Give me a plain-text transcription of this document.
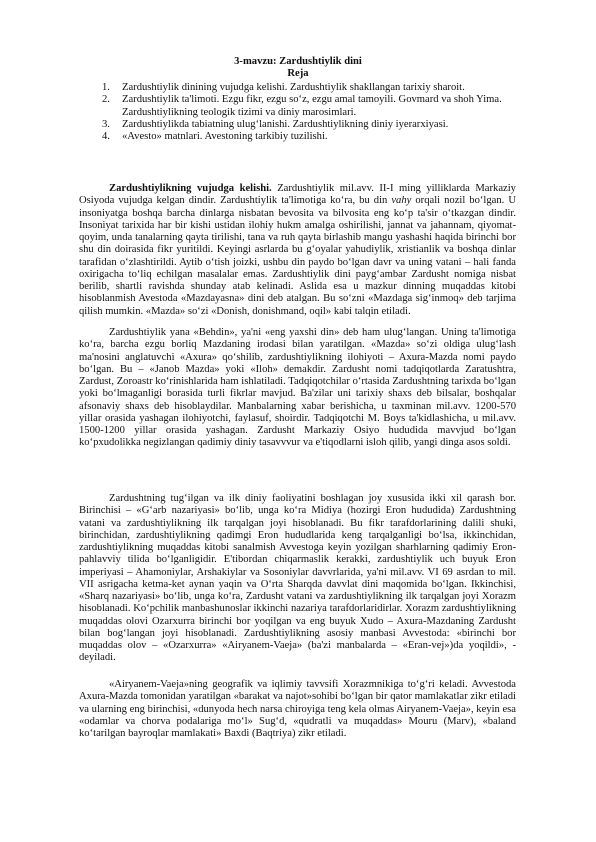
3-mavzu: Zardushtiylik dini
Reja
1. Zardushtiylik dinining vujudga kelishi. Zardushtiylik shakllangan tarixiy sharoit.
2. Zardushtiylik ta'limoti. Ezgu fikr, ezgu so‘z, ezgu amal tamoyili. Govmard va shoh Yima. Zardushtiylikning teologik tizimi va diniy marosimlari.
3. Zardushtiylikda tabiatning ulug‘lanishi. Zardushtiylikning diniy iyerarxiyasi.
4. «Avesto» matnlari. Avestoning tarkibiy tuzilishi.

Zardushtiylikning vujudga kelishi. Zardushtiylik mil.avv. II-I ming yilliklarda Markaziy Osiyoda vujudga kelgan dindir. Zardushtiylik ta'limotiga ko‘ra, bu din vahy orqali nozil bo‘lgan. U insoniyatga boshqa barcha dinlarga nisbatan bevosita va bilvosita eng ko‘p ta'sir o‘tkazgan dindir. Insoniyat tarixida har bir kishi ustidan ilohiy hukm amalga oshirilishi, jannat va jahannam, qiyomat-qoyim, unda tanalarning qayta tirilishi, tana va ruh qayta birlashib mangu yashashi haqida birinchi bor shu din doirasida fikr yuritildi. Keyingi asrlarda bu g‘oyalar yahudiylik, xristianlik va boshqa dinlar tarafidan o‘zlashtirildi. Aytib o‘tish joizki, ushbu din paydo bo‘lgan davr va uning vatani – hali fanda oxirigacha to‘liq echilgan masalalar emas. Zardushtiylik dini payg‘ambar Zardusht nomiga nisbat berilib, shartli ravishda shunday atab kelinadi. Aslida esa u mazkur dinning muqaddas kitobi hisoblanmish Avestoda «Mazdayasna» dini deb atalgan. Bu so‘zni «Mazdaga sig‘inmoq» deb tarjima qilish mumkin. «Mazda» so‘zi «Donish, donishmand, oqil» kabi talqin etiladi.

Zardushtiylik yana «Behdin», ya'ni «eng yaxshi din» deb ham ulug‘langan. Uning ta'limotiga ko‘ra, barcha ezgu borliq Mazdaning irodasi bilan yaratilgan. «Mazda» so‘zi oldiga ulug‘lash ma'nosini anglatuvchi «Axura» qo‘shilib, zardushtiylikning ilohiyoti – Axura-Mazda nomi paydo bo‘lgan. Bu – «Janob Mazda» yoki «Iloh» demakdir. Zardusht nomi tadqiqotlarda Zaratushtra, Zardust, Zoroastr ko‘rinishlarida ham ishlatiladi. Tadqiqotchilar o‘rtasida Zardushtning tarixda bo‘lgan yoki bo‘lmaganligi borasida turli fikrlar mavjud. Ba'zilar uni tarixiy shaxs deb bilsalar, boshqalar afsonaviy shaxs deb hisoblaydilar. Manbalarning xabar berishicha, u taxminan mil.avv. 1200-570 yillar orasida yashagan ilohiyotchi, faylasuf, shoirdir. Tadqiqotchi M. Boys ta'kidlashicha, u mil.avv. 1500-1200 yillar orasida yashagan. Zardusht Markaziy Osiyo hududida mavvjud bo‘lgan ko‘pxudolikka negizlangan qadimiy diniy tasavvvur va e'tiqodlarni isloh qilib, yangi dinga asos soldi.

Zardushtning tug‘ilgan va ilk diniy faoliyatini boshlagan joy xususida ikki xil qarash bor. Birinchisi – «G‘arb nazariyasi» bo‘lib, unga ko‘ra Midiya (hozirgi Eron hududida) Zardushtning vatani va zardushtiylikning ilk tarqalgan joyi hisoblanadi. Bu fikr tarafdorlarining dalili shuki, birinchidan, zardushtiylikning qadimgi Eron hududlarida keng tarqalganligi bo‘lsa, ikkinchidan, zardushtiylikning muqaddas kitobi sanalmish Avvestoga keyin yozilgan sharhlarning qadimiy Eron-pahlavviy tilida bo‘lganligidir. E'tibordan chiqarmaslik kerakki, zardushtiylik uch buyuk Eron imperiyasi – Ahamoniylar, Arshakiylar va Sosoniylar davvrlarida, ya'ni mil.avv. VI 69 asrdan to mil. VII asrigacha ketma-ket aynan yaqin va O‘rta Sharqda davvlat dini maqomida bo‘lgan. Ikkinchisi, «Sharq nazariyasi» bo‘lib, unga ko‘ra, Zardusht vatani va zardushtiylikning ilk tarqalgan joyi Xorazm hisoblanadi. Ko‘pchilik manbashunoslar ikkinchi nazariya tarafdorlaridirlar. Xorazm zardushtiylikning muqaddas olovi Ozarxurra birinchi bor yoqilgan va eng buyuk Xudo – Axura-Mazdaning Zardusht bilan bog‘langan joyi hisoblanadi. Zardushtiylikning asosiy manbasi Avvestoda: «birinchi bor muqaddas olov – «Ozarxurra» «Airyanem-Vaeja» (ba'zi manbalarda – «Eran-vej»)da yoqildi», - deyiladi.

«Airyanem-Vaeja»ning geografik va iqlimiy tavvsifi Xorazmnikiga to‘g‘ri keladi. Avvestoda Axura-Mazda tomonidan yaratilgan «barakat va najot»sohibi bo‘lgan bir qator mamlakatlar zikr etiladi va ularning eng birinchisi, «dunyoda hech narsa chiroyiga teng kela olmas Airyanem-Vaeja», keyin esa «odamlar va chorva podalariga mo‘l» Sug‘d, «qudratli va muqaddas» Mouru (Marv), «baland ko‘tarilgan bayroqlar mamlakati» Baxdi (Baqtriya) zikr etiladi.
